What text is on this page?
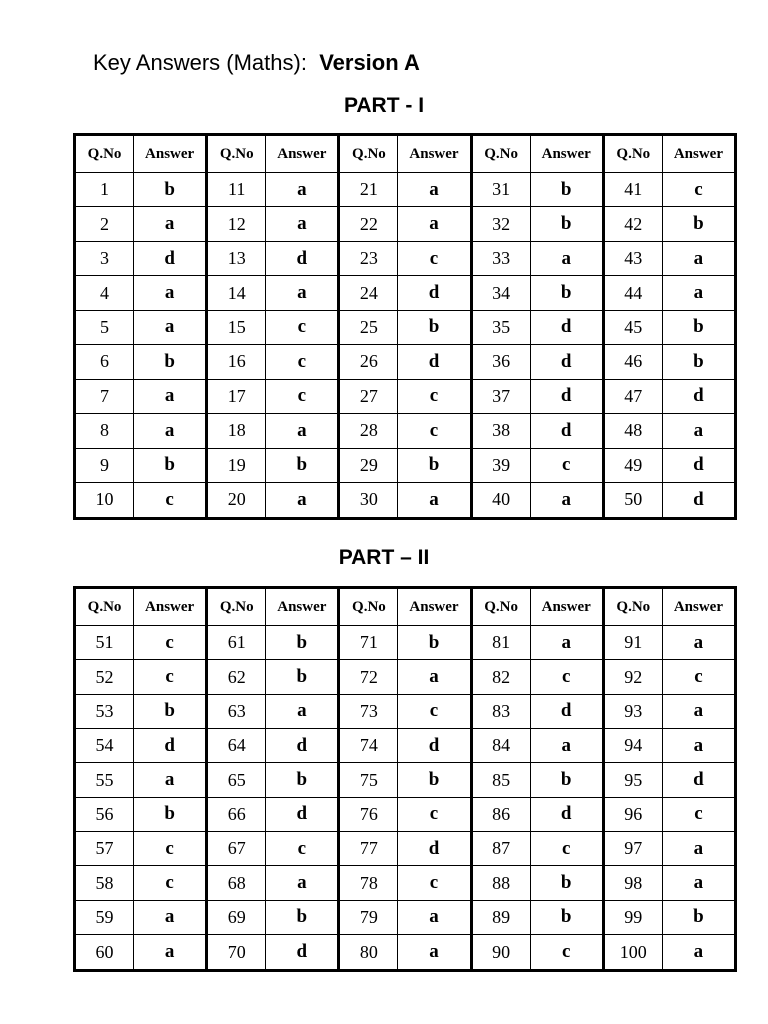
Key Answers (Maths): Version A
PART - I
Q.No	Answer	Q.No	Answer	Q.No	Answer	Q.No	Answer	Q.No	Answer
1	b	11	a	21	a	31	b	41	c
2	a	12	a	22	a	32	b	42	b
3	d	13	d	23	c	33	a	43	a
4	a	14	a	24	d	34	b	44	a
5	a	15	c	25	b	35	d	45	b
6	b	16	c	26	d	36	d	46	b
7	a	17	c	27	c	37	d	47	d
8	a	18	a	28	c	38	d	48	a
9	b	19	b	29	b	39	c	49	d
10	c	20	a	30	a	40	a	50	d
PART – II
Q.No	Answer	Q.No	Answer	Q.No	Answer	Q.No	Answer	Q.No	Answer
51	c	61	b	71	b	81	a	91	a
52	c	62	b	72	a	82	c	92	c
53	b	63	a	73	c	83	d	93	a
54	d	64	d	74	d	84	a	94	a
55	a	65	b	75	b	85	b	95	d
56	b	66	d	76	c	86	d	96	c
57	c	67	c	77	d	87	c	97	a
58	c	68	a	78	c	88	b	98	a
59	a	69	b	79	a	89	b	99	b
60	a	70	d	80	a	90	c	100	a
